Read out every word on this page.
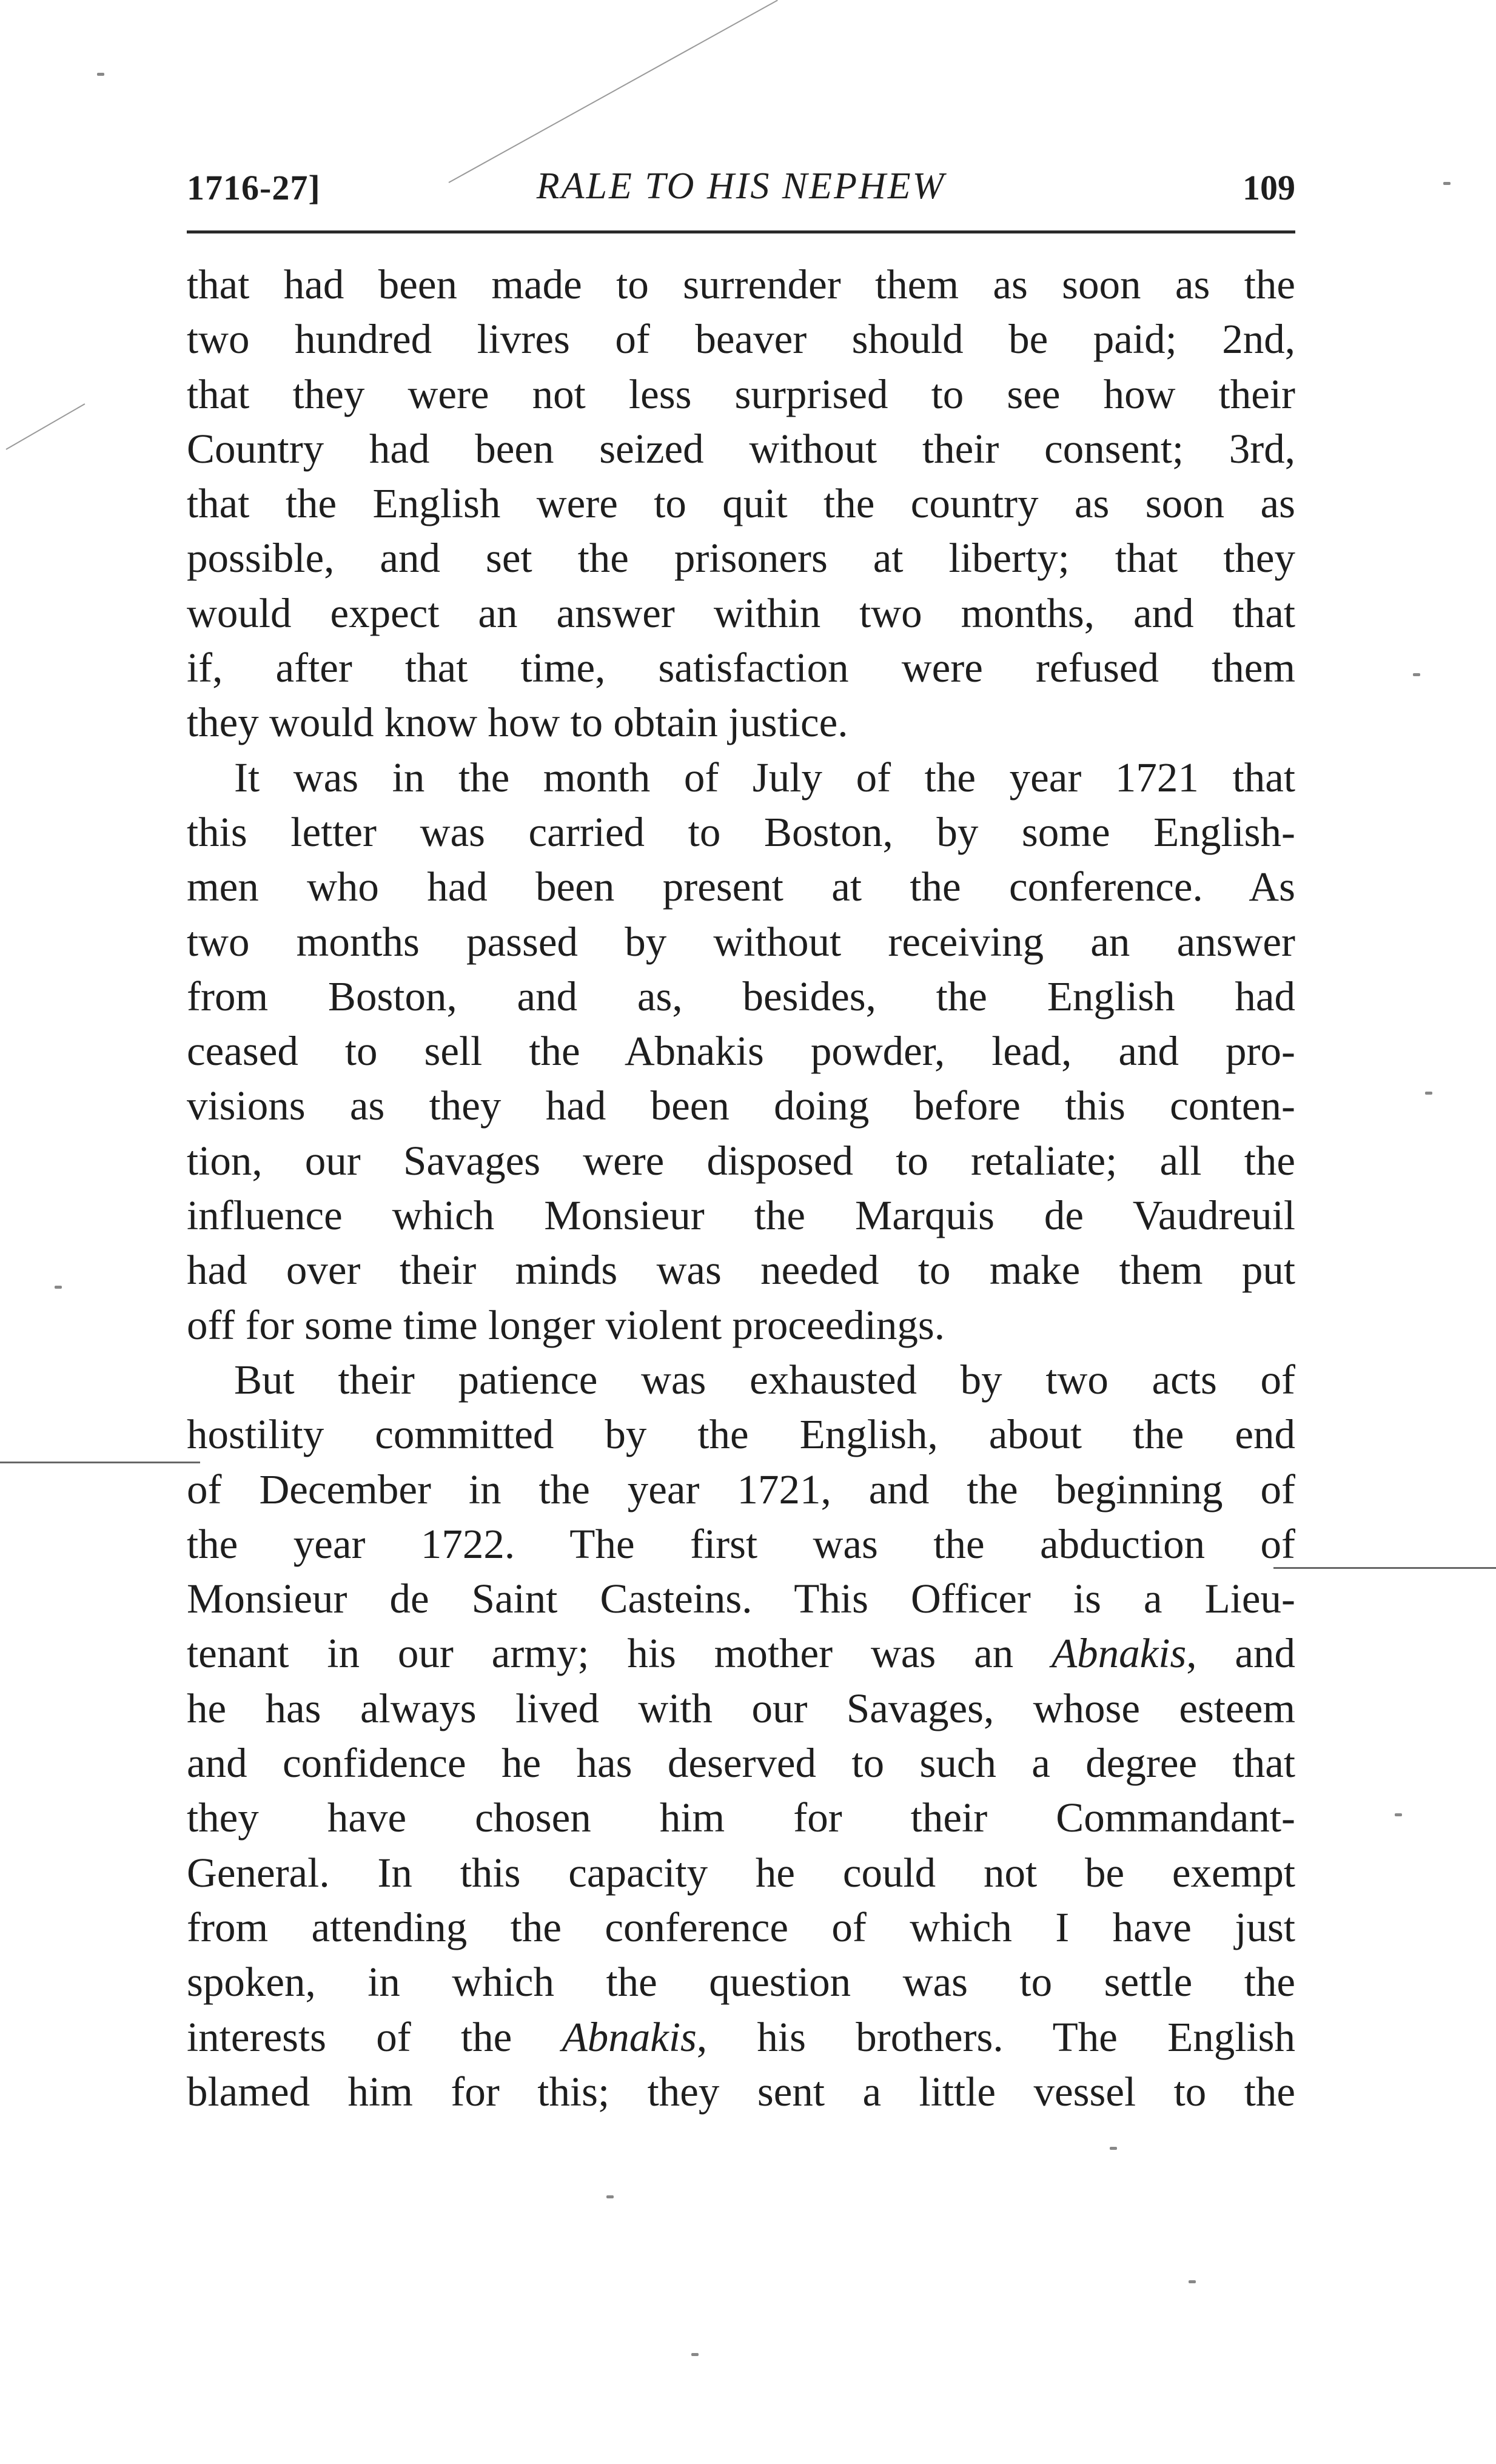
1716-27]	RALE TO HIS NEPHEW	109
that had been made to surrender them as soon as the
two hundred livres of beaver should be paid; 2nd,
that they were not less surprised to see how their
Country had been seized without their consent; 3rd,
that the English were to quit the country as soon as
possible, and set the prisoners at liberty; that they
would expect an answer within two months, and that
if, after that time, satisfaction were refused them
they would know how to obtain justice.
It was in the month of July of the year 1721 that
this letter was carried to Boston, by some English-
men who had been present at the conference. As
two months passed by without receiving an answer
from Boston, and as, besides, the English had
ceased to sell the Abnakis powder, lead, and pro-
visions as they had been doing before this conten-
tion, our Savages were disposed to retaliate; all the
influence which Monsieur the Marquis de Vaudreuil
had over their minds was needed to make them put
off for some time longer violent proceedings.
But their patience was exhausted by two acts of
hostility committed by the English, about the end
of December in the year 1721, and the beginning of
the year 1722. The first was the abduction of
Monsieur de Saint Casteins. This Officer is a Lieu-
tenant in our army; his mother was an Abnakis, and
he has always lived with our Savages, whose esteem
and confidence he has deserved to such a degree that
they have chosen him for their Commandant-
General. In this capacity he could not be exempt
from attending the conference of which I have just
spoken, in which the question was to settle the
interests of the Abnakis, his brothers. The English
blamed him for this; they sent a little vessel to the
